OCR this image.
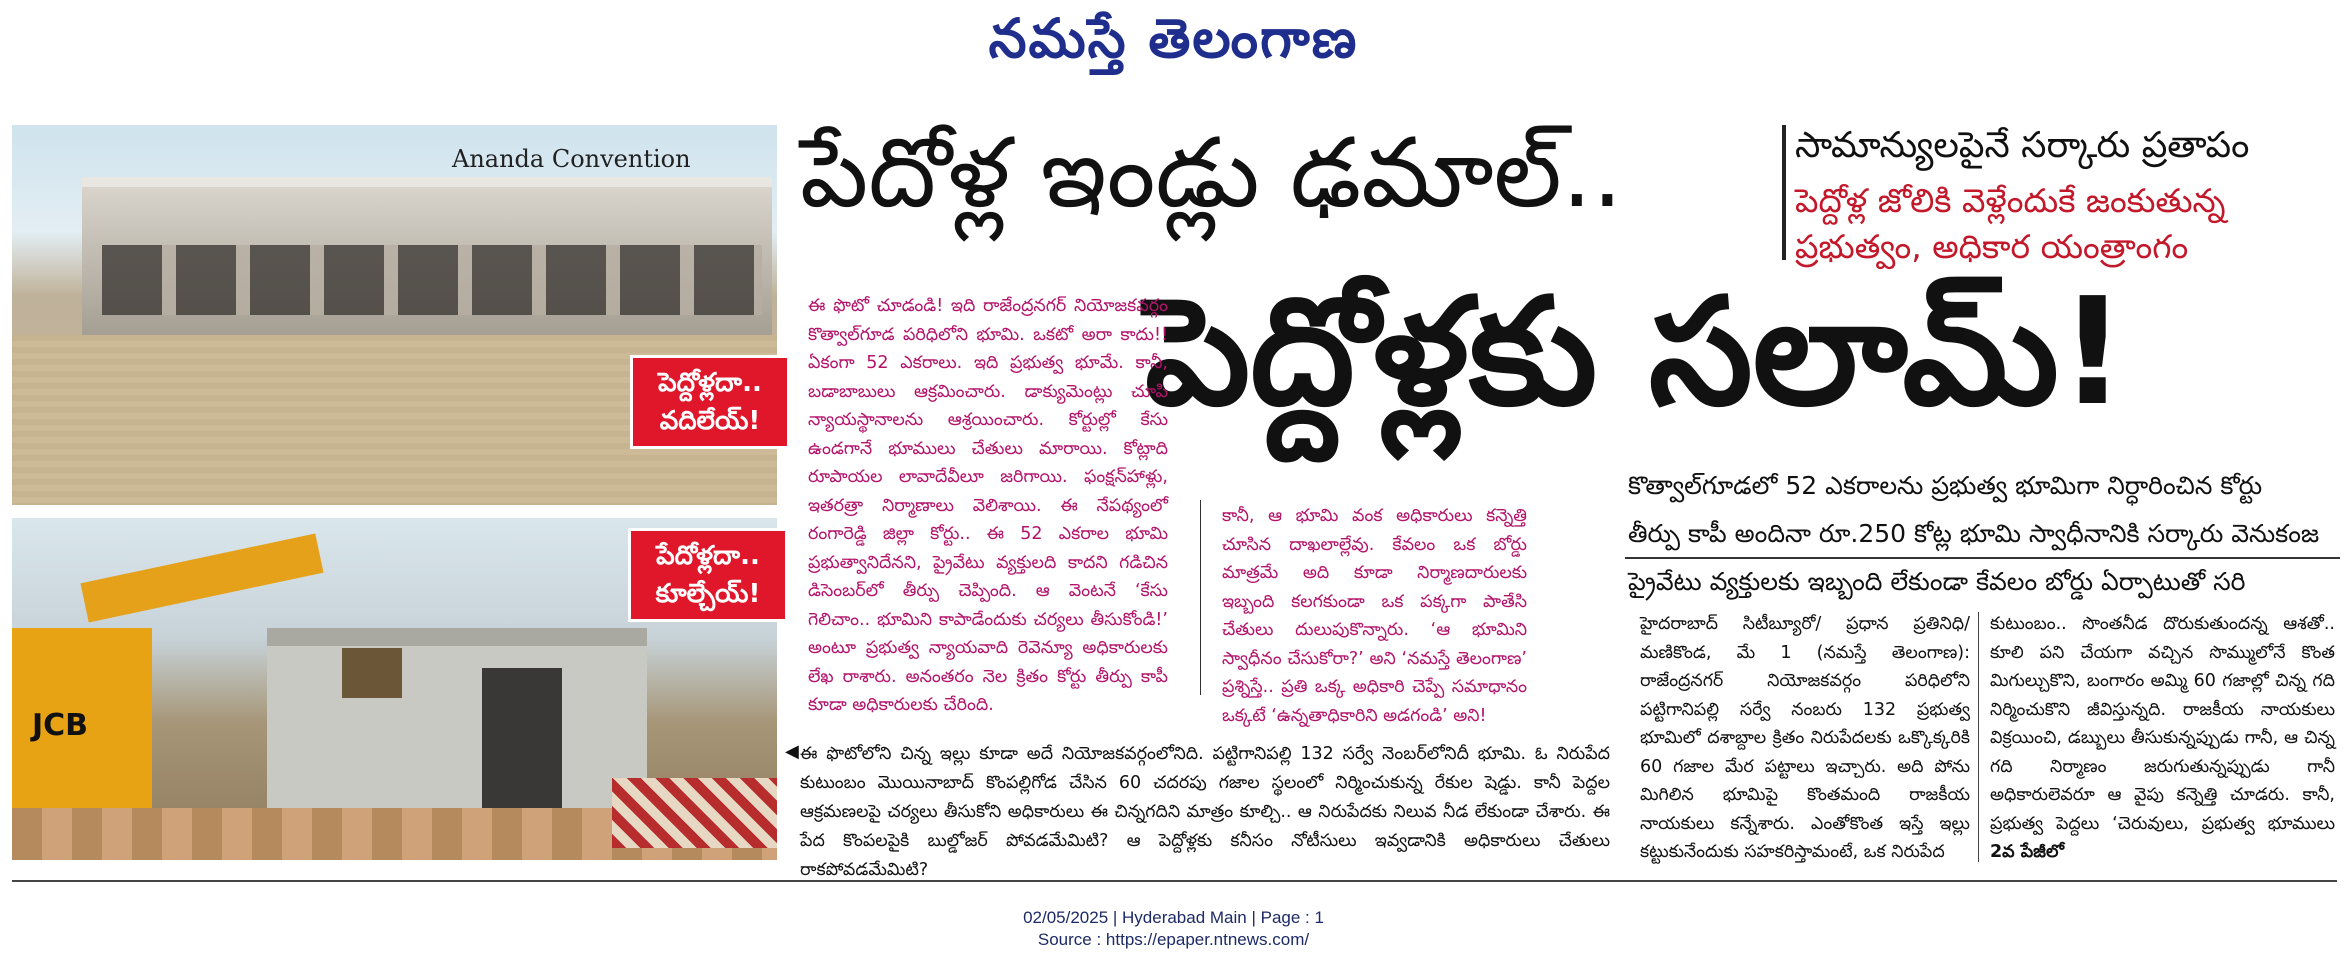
నమస్తే తెలంగాణ
Ananda Convention
పెద్దోళ్లదా..
వదిలేయ్!
JCB
పేదోళ్లదా..
కూల్చేయ్!
పేదోళ్ల ఇండ్లు ఢమాల్..
పెద్దోళ్లకు సలామ్!
సామాన్యులపైనే సర్కారు ప్రతాపం
పెద్దోళ్ల జోలికి వెళ్లేందుకే జంకుతున్న ప్రభుత్వం, అధికార యంత్రాంగం
ఈ ఫొటో చూడండి! ఇది రాజేంద్రనగర్ నియోజకవర్గం కొత్వాల్‌గూడ పరిధిలోని భూమి. ఒకటో అరా కాదు!! ఏకంగా 52 ఎకరాలు. ఇది ప్రభుత్వ భూమే. కానీ, బడాబాబులు ఆక్రమించారు. డాక్యుమెంట్లు చూపి న్యాయస్థానాలను ఆశ్రయించారు. కోర్టుల్లో కేసు ఉండగానే భూములు చేతులు మారాయి. కోట్లాది రూపాయల లావాదేవీలూ జరిగాయి. ఫంక్షన్‌హాళ్లు, ఇతరత్రా నిర్మాణాలు వెలిశాయి. ఈ నేపథ్యంలో రంగారెడ్డి జిల్లా కోర్టు.. ఈ 52 ఎకరాల భూమి ప్రభుత్వానిదేనని, ప్రైవేటు వ్యక్తులది కాదని గడిచిన డిసెంబర్‌లో తీర్పు చెప్పింది. ఆ వెంటనే ‘కేసు గెలిచాం.. భూమిని కాపాడేందుకు చర్యలు తీసుకోండి!’ అంటూ ప్రభుత్వ న్యాయవాది రెవెన్యూ అధికారులకు లేఖ రాశారు. అనంతరం నెల క్రితం కోర్టు తీర్పు కాపీ కూడా అధికారులకు చేరింది.
కానీ, ఆ భూమి వంక అధికారులు కన్నెత్తి చూసిన దాఖలాల్లేవు. కేవలం ఒక బోర్డు మాత్రమే అది కూడా నిర్మాణదారులకు ఇబ్బంది కలగకుండా ఒక పక్కగా పాతేసి చేతులు దులుపుకొన్నారు. ‘ఆ భూమిని స్వాధీనం చేసుకోరా?’ అని ‘నమస్తే తెలంగాణ’ ప్రశ్నిస్తే.. ప్రతి ఒక్క అధికారి చెప్పే సమాధానం ఒక్కటే ‘ఉన్నతాధికారిని అడగండి’ అని!
కొత్వాల్‌గూడలో 52 ఎకరాలను ప్రభుత్వ భూమిగా నిర్ధారించిన కోర్టు
తీర్పు కాపీ అందినా రూ.250 కోట్ల భూమి స్వాధీనానికి సర్కారు వెనుకంజ
ప్రైవేటు వ్యక్తులకు ఇబ్బంది లేకుండా కేవలం బోర్డు ఏర్పాటుతో సరి
హైదరాబాద్ సిటీబ్యూరో/ ప్రధాన ప్రతినిధి/మణికొండ, మే 1 (నమస్తే తెలంగాణ): రాజేంద్రనగర్ నియోజకవర్గం పరిధిలోని పట్టిగానిపల్లి సర్వే నంబరు 132 ప్రభుత్వ భూమిలో దశాబ్దాల క్రితం నిరుపేదలకు ఒక్కొక్కరికి 60 గజాల మేర పట్టాలు ఇచ్చారు. అది పోను మిగిలిన భూమిపై కొంతమంది రాజకీయ నాయకులు కన్నేశారు. ఎంతోకొంత ఇస్తే ఇల్లు కట్టుకునేందుకు సహకరిస్తామంటే, ఒక నిరుపేద
కుటుంబం.. సొంతనీడ దొరుకుతుందన్న ఆశతో.. కూలి పని చేయగా వచ్చిన సొమ్ములోనే కొంత మిగుల్చుకొని, బంగారం అమ్మి 60 గజాల్లో చిన్న గది నిర్మించుకొని జీవిస్తున్నది. రాజకీయ నాయకులు విక్రయించి, డబ్బులు తీసుకున్నప్పుడు గానీ, ఆ చిన్న గది నిర్మాణం జరుగుతున్నప్పుడు గానీ అధికారులెవరూ ఆ వైపు కన్నెత్తి చూడరు. కానీ, ప్రభుత్వ పెద్దలు ‘చెరువులు, ప్రభుత్వ భూములు 2వ పేజీలో
◀ ఈ ఫొటోలోని చిన్న ఇల్లు కూడా అదే నియోజకవర్గంలోనిది. పట్టిగానిపల్లి 132 సర్వే నెంబర్‌లోనిదీ భూమి. ఓ నిరుపేద కుటుంబం మొయినాబాద్ కొంపల్లిగోడ చేసిన 60 చదరపు గజాల స్థలంలో నిర్మించుకున్న రేకుల షెడ్డు. కానీ పెద్దల ఆక్రమణలపై చర్యలు తీసుకోని అధికారులు ఈ చిన్నగదిని మాత్రం కూల్చి.. ఆ నిరుపేదకు నిలువ నీడ లేకుండా చేశారు. ఈ పేద కొంపలపైకి బుల్డోజర్ పోవడమేమిటి? ఆ పెద్దోళ్లకు కనీసం నోటీసులు ఇవ్వడానికి అధికారులు చేతులు రాకపోవడమేమిటి?
02/05/2025 | Hyderabad Main | Page : 1
Source : https://epaper.ntnews.com/
